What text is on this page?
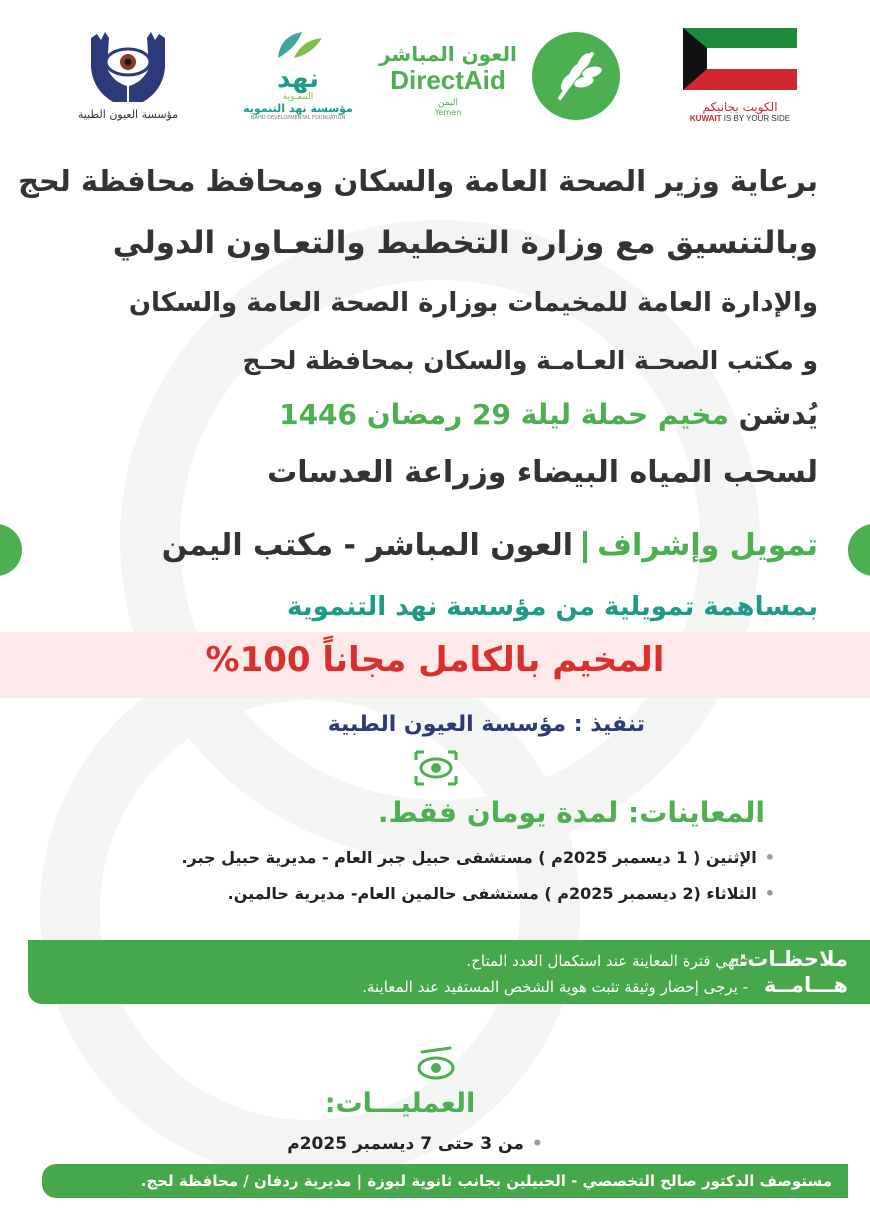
مؤسسة العيون الطبية
نهد
التنمـوية
مؤسسة نهد التنموية
NAHD DEVELOPMENTAL FOUNDATION
العون المباشر
DirectAid
اليمن
Yemen	الكويت بجانبكم
KUWAIT IS BY YOUR SIDE
برعاية وزير الصحة العامة والسكان ومحافظ محافظة لحج
وبالتنسيق مع وزارة التخطيط والتعـاون الدولي
والإدارة العامة للمخيمات بوزارة الصحة العامة والسكان
و مكتب الصحـة العـامـة والسكان بمحافظة لحـج
يُدشن مخيم حملة ليلة 29 رمضان 1446
لسحب المياه البيضاء وزراعة العدسات
تمويل وإشرافالعون المباشر - مكتب اليمن
بمساهمة تمويلية من مؤسسة نهد التنموية
المخيم بالكامل مجاناً 100%
تنفيذ : مؤسسة العيون الطبية
المعاينات: لمدة يومان فقط.
•الإثنين ( 1 ديسمبر 2025م ) مستشفى حبيل جبر العام - مديرية حبيل جبر.
•الثلاثاء (2 ديسمبر 2025م ) مستشفى حالمين العام- مديرية حالمين.
ملاحظـات:-
هـــامــة
تنتهي فترة المعاينة عند استكمال العدد المتاح.
- يرجى إحضار وثيقة تثبت هوية الشخص المستفيد عند المعاينة.
العمليـــات:
•من 3 حتى 7 ديسمبر 2025م
مستوصف الدكتور صالح التخصصي - الحبيلين بجانب ثانوية لبوزة | مديرية ردفان / محافظة لحج.
